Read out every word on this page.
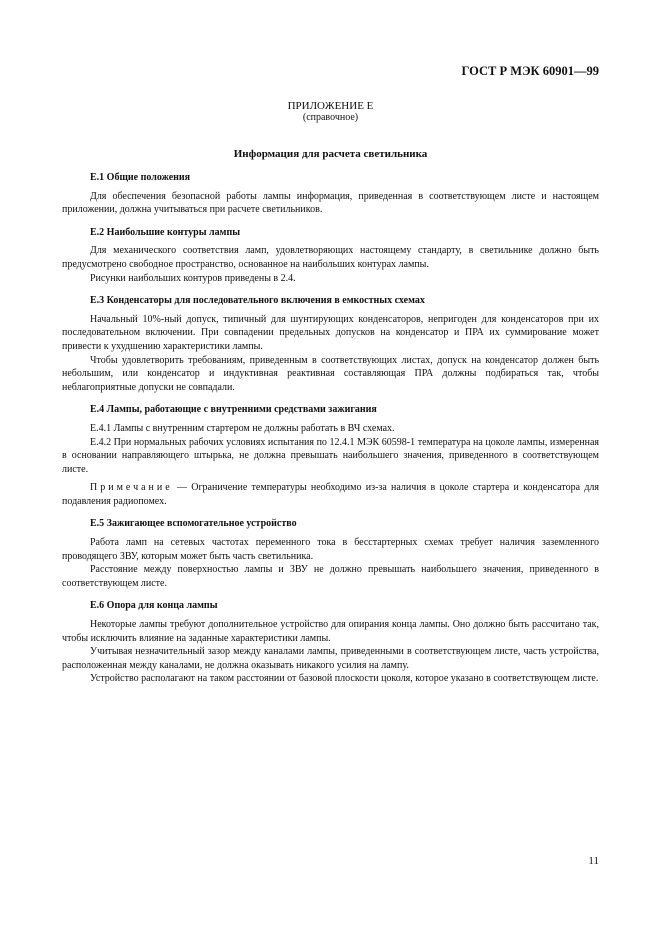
ГОСТ Р МЭК 60901—99
ПРИЛОЖЕНИЕ Е
(справочное)
Информация для расчета светильника
Е.1 Общие положения

Для обеспечения безопасной работы лампы информация, приведенная в соответствующем листе и настоящем приложении, должна учитываться при расчете светильников.

Е.2 Наибольшие контуры лампы

Для механического соответствия ламп, удовлетворяющих настоящему стандарту, в светильнике должно быть предусмотрено свободное пространство, основанное на наибольших контурах лампы.

Рисунки наибольших контуров приведены в 2.4.

Е.3 Конденсаторы для последовательного включения в емкостных схемах

Начальный 10%-ный допуск, типичный для шунтирующих конденсаторов, непригоден для конденсаторов при их последовательном включении. При совпадении предельных допусков на конденсатор и ПРА их суммирование может привести к ухудшению характеристики лампы.

Чтобы удовлетворить требованиям, приведенным в соответствующих листах, допуск на конденсатор должен быть небольшим, или конденсатор и индуктивная реактивная составляющая ПРА должны подбираться так, чтобы неблагоприятные допуски не совпадали.

Е.4 Лампы, работающие с внутренними средствами зажигания

Е.4.1 Лампы с внутренним стартером не должны работать в ВЧ схемах.

Е.4.2 При нормальных рабочих условиях испытания по 12.4.1 МЭК 60598-1 температура на цоколе лампы, измеренная в основании направляющего штырька, не должна превышать наибольшего значения, приведенного в соответствующем листе.

Примечание — Ограничение температуры необходимо из-за наличия в цоколе стартера и конденсатора для подавления радиопомех.

Е.5 Зажигающее вспомогательное устройство

Работа ламп на сетевых частотах переменного тока в бесстартерных схемах требует наличия заземленного проводящего ЗВУ, которым может быть часть светильника.

Расстояние между поверхностью лампы и ЗВУ не должно превышать наибольшего значения, приведенного в соответствующем листе.

Е.6 Опора для конца лампы

Некоторые лампы требуют дополнительное устройство для опирания конца лампы. Оно должно быть рассчитано так, чтобы исключить влияние на заданные характеристики лампы.

Учитывая незначительный зазор между каналами лампы, приведенными в соответствующем листе, часть устройства, расположенная между каналами, не должна оказывать никакого усилия на лампу.

Устройство располагают на таком расстоянии от базовой плоскости цоколя, которое указано в соответствующем листе.

11
